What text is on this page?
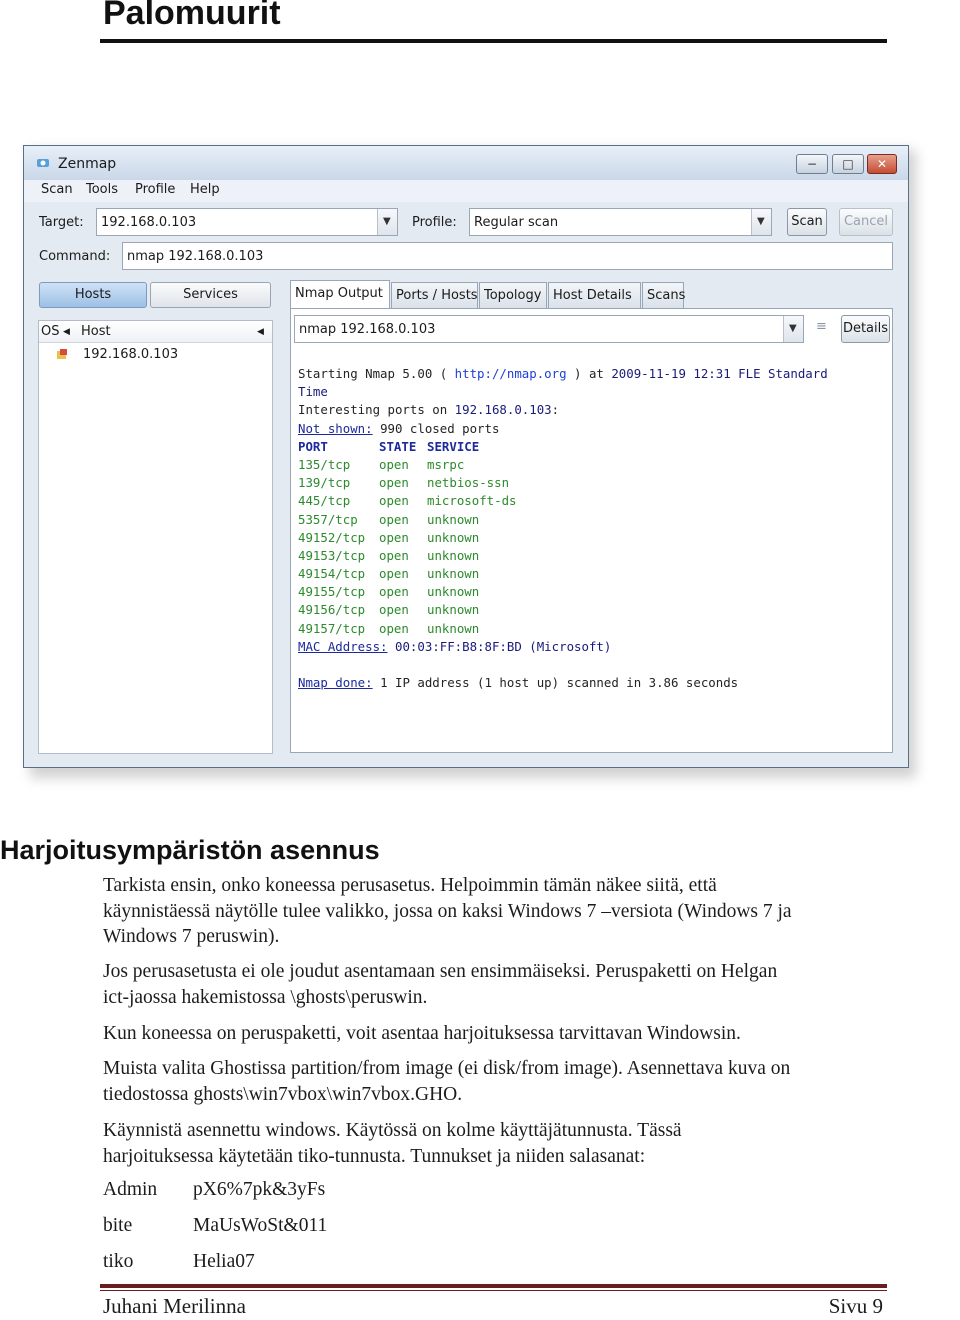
Palomuurit
Zenmap	−	□	✕
Scan Tools Profile Help
Target:	192.168.0.103	▼ Profile:	Regular scan	▼	Scan	Cancel
Command:	nmap 192.168.0.103
Hosts	Services
OS ◀ Host	◀
192.168.0.103
Nmap Output	Ports / Hosts Topology Host Details	Scans
nmap 192.168.0.103	▼ ≡ Details
Starting Nmap 5.00 ( http://nmap.org ) at 2009-11-19 12:31 FLE Standard
Time
Interesting ports on 192.168.0.103:
Not shown: 990 closed ports
PORT	STATE SERVICE
135/tcp open msrpc
139/tcp open netbios-ssn
445/tcp open microsoft-ds
5357/tcp open unknown
49152/tcp open unknown
49153/tcp open unknown
49154/tcp open unknown
49155/tcp open unknown
49156/tcp open unknown
49157/tcp open unknown
MAC Address: 00:03:FF:B8:8F:BD (Microsoft)
Nmap done: 1 IP address (1 host up) scanned in 3.86 seconds
Harjoitusympäristön asennus
Tarkista ensin, onko koneessa perusasetus. Helpoimmin tämän näkee siitä, että
käynnistäessä näytölle tulee valikko, jossa on kaksi Windows 7 –versiota (Windows 7 ja
Windows 7 peruswin).
Jos perusasetusta ei ole joudut asentamaan sen ensimmäiseksi. Peruspaketti on Helgan
ict-jaossa hakemistossa \ghosts\peruswin.
Kun koneessa on peruspaketti, voit asentaa harjoituksessa tarvittavan Windowsin.
Muista valita Ghostissa partition/from image (ei disk/from image). Asennettava kuva on
tiedostossa ghosts\win7vbox\win7vbox.GHO.
Käynnistä asennettu windows. Käytössä on kolme käyttäjätunnusta. Tässä
harjoituksessa käytetään tiko-tunnusta. Tunnukset ja niiden salasanat:
Admin pX6%7pk&3yFs
bite	MaUsWoSt&011
tiko	Helia07
Juhani Merilinna	Sivu 9
